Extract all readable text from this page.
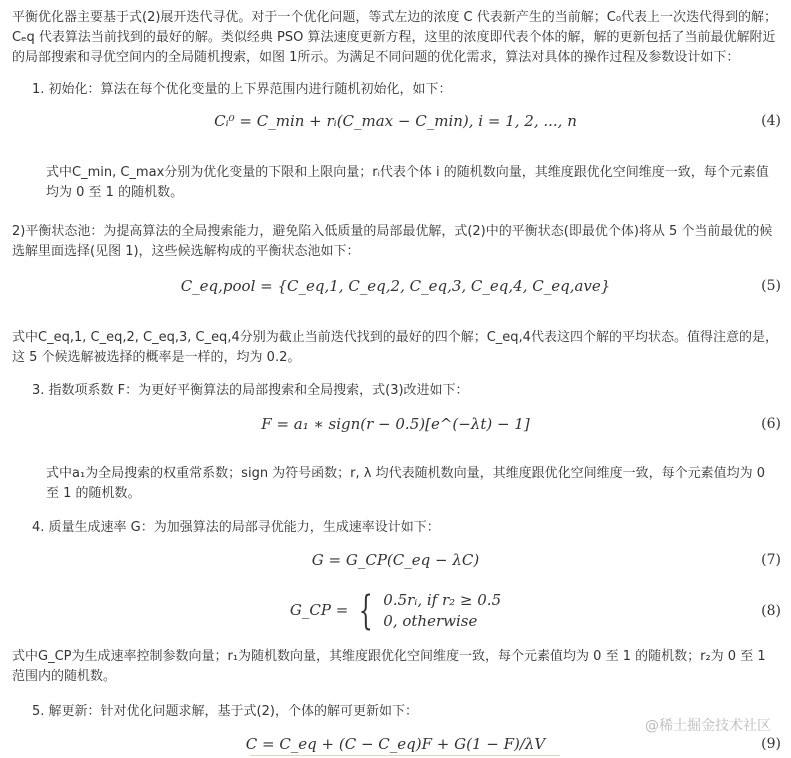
平衡优化器主要基于式(2)展开迭代寻优。对于一个优化问题，等式左边的浓度 C 代表新产生的当前解；C₀代表上一次迭代得到的解；Cₑq 代表算法当前找到的最好的解。类似经典 PSO 算法速度更新方程，这里的浓度即代表个体的解，解的更新包括了当前最优解附近的局部搜索和寻优空间内的全局随机搜索，如图 1所示。为满足不同问题的优化需求，算法对具体的操作过程及参数设计如下：

1. 初始化：算法在每个优化变量的上下界范围内进行随机初始化，如下：

Cᵢ⁰ = C_min + rᵢ(C_max − C_min), i = 1, 2, ..., n	(4)

式中C_min, C_max分别为优化变量的下限和上限向量；rᵢ代表个体 i 的随机数向量，其维度跟优化空间维度一致，每个元素值均为 0 至 1 的随机数。

2)平衡状态池：为提高算法的全局搜索能力，避免陷入低质量的局部最优解，式(2)中的平衡状态(即最优个体)将从 5 个当前最优的候选解里面选择(见图 1)，这些候选解构成的平衡状态池如下：

C_eq,pool = {C_eq,1, C_eq,2, C_eq,3, C_eq,4, C_eq,ave}	(5)

式中C_eq,1, C_eq,2, C_eq,3, C_eq,4分别为截止当前迭代找到的最好的四个解；C_eq,4代表这四个解的平均状态。值得注意的是，这 5 个候选解被选择的概率是一样的，均为 0.2。

3. 指数项系数 F：为更好平衡算法的局部搜索和全局搜索，式(3)改进如下：

F = a₁ ∗ sign(r − 0.5)[e^(−λt) − 1]	(6)

式中a₁为全局搜索的权重常系数；sign 为符号函数；r, λ 均代表随机数向量，其维度跟优化空间维度一致，每个元素值均为 0 至 1 的随机数。

4. 质量生成速率 G：为加强算法的局部寻优能力，生成速率设计如下：

G = G_CP(C_eq − λC)	(7)
G_CP = { 0.5rᵢ, if r₂ ≥ 0.5
0, otherwise
(8)

式中G_CP为生成速率控制参数向量；r₁为随机数向量，其维度跟优化空间维度一致，每个元素值均为 0 至 1 的随机数；r₂为 0 至 1 范围内的随机数。

5. 解更新：针对优化问题求解，基于式(2)，个体的解可更新如下：

C = C_eq + (C − C_eq)F + G(1 − F)/λV	(9)
@稀土掘金技术社区
